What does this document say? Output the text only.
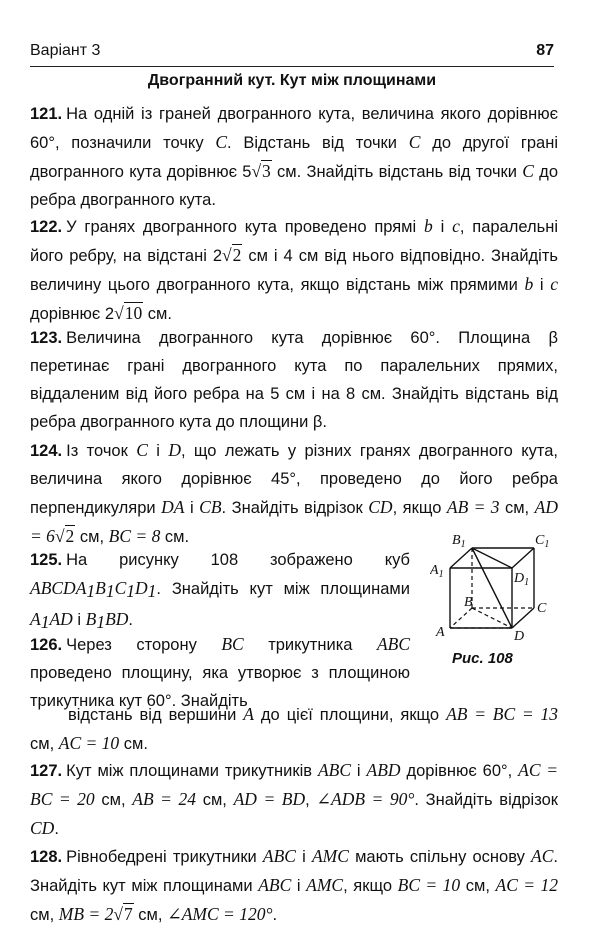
Варіант 3	87
Двогранний кут. Кут між площинами
121. На одній із граней двогранного кута, величина якого дорівнює 60°, позначили точку C. Відстань від точки C до другої грані двогранного кута дорівнює 5√3 см. Знайдіть відстань від точки C до ребра двогранного кута.
122. У гранях двогранного кута проведено прямі b і c, паралельні його ребру, на відстані 2√2 см і 4 см від нього відповідно. Знайдіть величину цього двогранного кута, якщо відстань між прямими b і c дорівнює 2√10 см.
123. Величина двогранного кута дорівнює 60°. Площина β перетинає грані двогранного кута по паралельних прямих, віддаленим від його ребра на 5 см і на 8 см. Знайдіть відстань від ребра двогранного кута до площини β.
124. Із точок C і D, що лежать у різних гранях двогранного кута, величина якого дорівнює 45°, проведено до його ребра перпендикуляри DA і CB. Знайдіть відрізок CD, якщо AB = 3 см, AD = 6√2 см, BC = 8 см.
125. На рисунку 108 зображено куб $ABCDA_1B_1C_1D_1$. Знайдіть кут між площинами $A_1AD$ і $B_1BD$.
126. Через сторону BC трикутника ABC проведено площину, яка утворює з площиною трикутника кут 60°. Знайдіть
відстань від вершини A до цієї площини, якщо AB = BC = 13 см, AC = 10 см.
127. Кут між площинами трикутників ABC і ABD дорівнює 60°, AC = BC = 20 см, AB = 24 см, AD = BD, ∠ADB = 90°. Знайдіть відрізок CD.
128. Рівнобедрені трикутники ABC і AMC мають спільну основу AC. Знайдіть кут між площинами ABC і AMC, якщо BC = 10 см, AC = 12 см, MB = 2√7 см, ∠AMC = 120°.
$B_1$	$C_1$
$A_1$	$D_1$
B	C
A	D
Рис. 108
